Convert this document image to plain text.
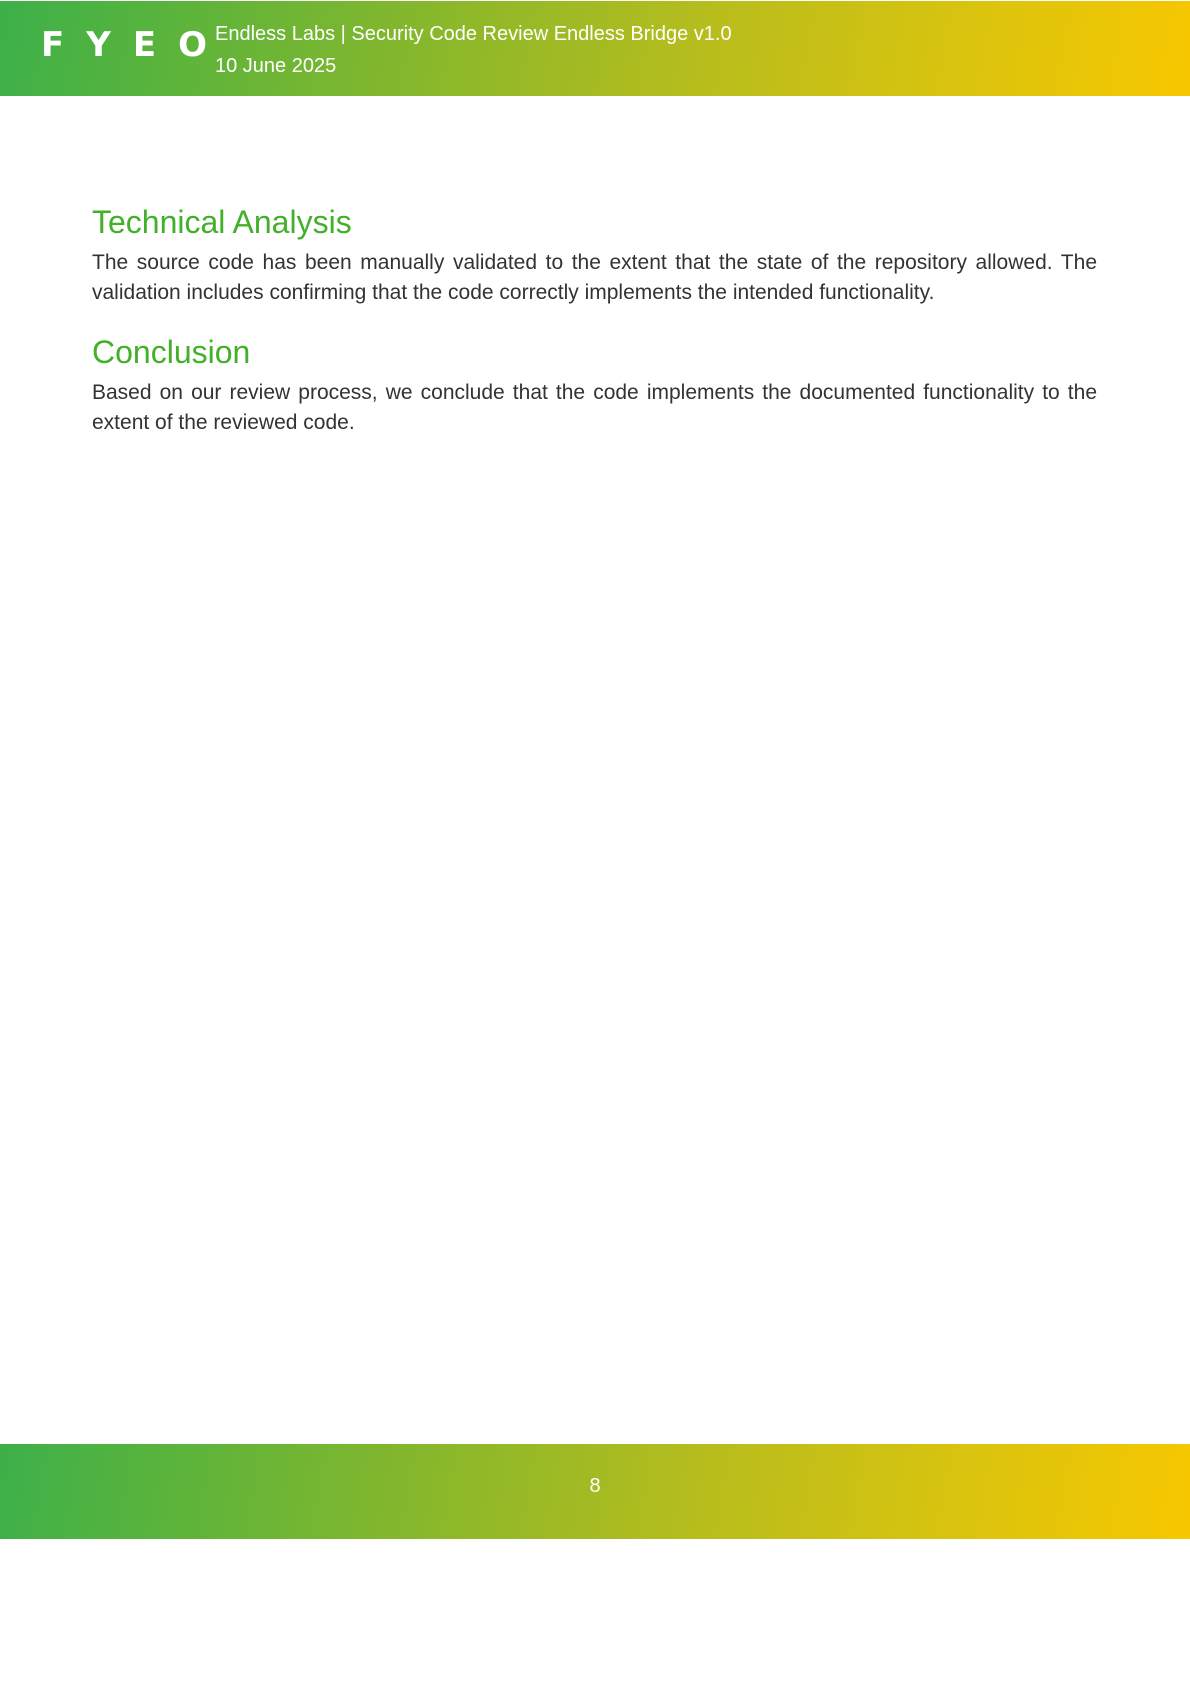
FYEO
Endless Labs | Security Code Review Endless Bridge v1.0
10 June 2025
Technical Analysis

The source code has been manually validated to the extent that the state of the repository allowed. The validation includes confirming that the code correctly implements the intended functionality.

Conclusion

Based on our review process, we conclude that the code implements the documented functionality to the extent of the reviewed code.

8
